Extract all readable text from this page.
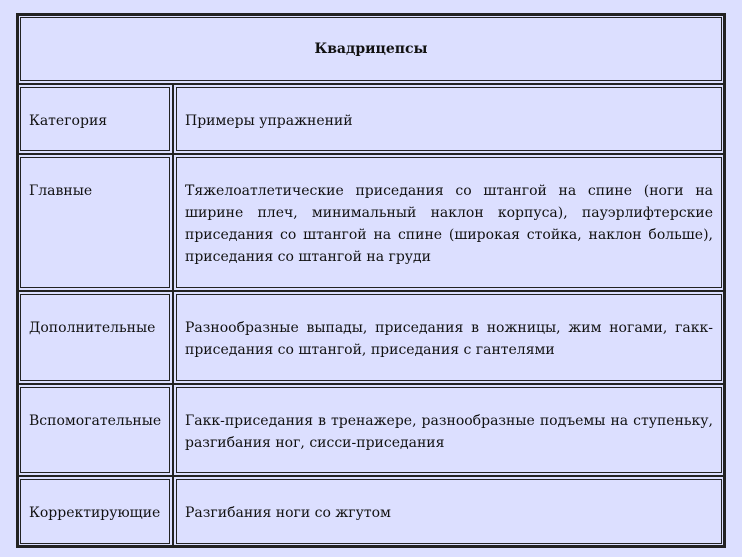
Квадрицепсы	

Категория	Примеры упражнений

Главные	Тяжелоатлетические приседания со штангой на спине (ноги на ширине плеч, минимальный наклон корпуса), пауэрлифтерские приседания со штангой на спине (широкая стойка, наклон больше), приседания со штангой на груди

Дополнительные	Разнообразные выпады, приседания в ножницы, жим ногами, гакк-приседания со штангой, приседания с гантелями

Вспомогательные	Гакк-приседания в тренажере, разнообразные подъемы на ступеньку, разгибания ног, сисси-приседания

Корректирующие	Разгибания ноги со жгутом
